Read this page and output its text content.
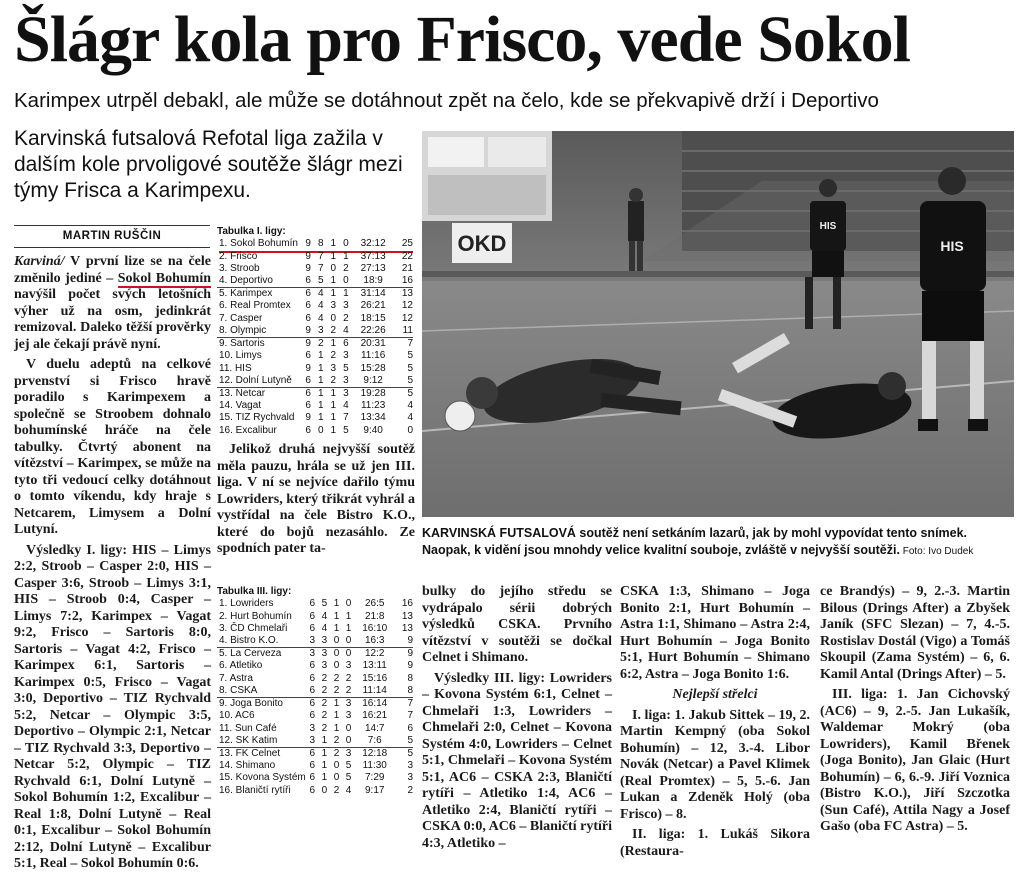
Šlágr kola pro Frisco, vede Sokol
Karimpex utrpěl debakl, ale může se dotáhnout zpět na čelo, kde se překvapivě drží i Deportivo
Karvinská futsalová Refotal liga zažila v dalším kole prvoligové soutěže šlágr mezi týmy Frisca a Karimpexu.
MARTIN RUŠČIN

Karviná/ V první lize se na čele změnilo jediné – Sokol Bohumín navýšil počet svých letošních výher už na osm, jedinkrát remizoval. Daleko těžší prověrky jej ale čekají právě nyní.

V duelu adeptů na celkové prvenství si Frisco hravě poradilo s Karimpexem a společně se Stroobem dohnalo bohumínské hráče na čele tabulky. Čtvrtý abonent na vítězství – Karimpex, se může na tyto tři vedoucí celky dotáhnout o tomto víkendu, kdy hraje s Netcarem, Limysem a Dolní Lutyní.

Výsledky I. ligy: HIS – Limys 2:2, Stroob – Casper 2:0, HIS – Casper 3:6, Stroob – Limys 3:1, HIS – Stroob 0:4, Casper – Limys 7:2, Karimpex – Vagat 9:2, Frisco – Sartoris 8:0, Sartoris – Vagat 4:2, Frisco – Karimpex 6:1, Sartoris – Karimpex 0:5, Frisco – Vagat 3:0, Deportivo – TIZ Rychvald 5:2, Netcar – Olympic 3:5, Deportivo – Olympic 2:1, Netcar – TIZ Rychvald 3:3, Deportivo – Netcar 5:2, Olympic – TIZ Rychvald 6:1, Dolní Lutyně – Sokol Bohumín 1:2, Excalibur – Real 1:8, Dolní Lutyně – Real 0:1, Excalibur – Sokol Bohumín 2:12, Dolní Lutyně – Excalibur 5:1, Real – Sokol Bohumín 0:6.

Tabulka I. ligy:
1. Sokol Bohumín	9	8	1	0	32:12	25
2. Frisco	9	7	1	1	37:13	22
3. Stroob	9	7	0	2	27:13	21
4. Deportivo	6	5	1	0	18:9	16
5. Karimpex	6	4	1	1	31:14	13
6. Real Promtex	6	4	3	3	26:21	12
7. Casper	6	4	0	2	18:15	12
8. Olympic	9	3	2	4	22:26	11
9. Sartoris	9	2	1	6	20:31	7
10. Limys	6	1	2	3	11:16	5
11. HIS	9	1	3	5	15:28	5
12. Dolní Lutyně	6	1	2	3	9:12	5
13. Netcar	6	1	1	3	19:28	5
14. Vagat	6	1	1	4	11:23	4
15. TIZ Rychvald	9	1	1	7	13:34	4
16. Excalibur	6	0	1	5	9:40	0

Jelikož druhá nejvyšší soutěž měla pauzu, hrála se už jen III. liga. V ní se nejvíce dařilo týmu Lowriders, který třikrát vyhrál a vystřídal na čele Bistro K.O., které do bojů nezasáhlo. Ze spodních pater ta-

Tabulka III. ligy:
1. Lowriders	6	5	1	0	26:5	16
2. Hurt Bohumín	6	4	1	1	21:8	13
3. ČD Chmelaři	6	4	1	1	16:10	13
4. Bistro K.O.	3	3	0	0	16:3	9
5. La Cerveza	3	3	0	0	12:2	9
6. Atletiko	6	3	0	3	13:11	9
7. Astra	6	2	2	2	15:16	8
8. CSKA	6	2	2	2	11:14	8
9. Joga Bonito	6	2	1	3	16:14	7
10. AC6	6	2	1	3	16:21	7
11. Sun Café	3	2	1	0	14:7	6
12. SK Katim	3	1	2	0	7:6	5
13. FK Celnet	6	1	2	3	12:18	5
14. Shimano	6	1	0	5	11:30	3
15. Kovona Systém	6	1	0	5	7:29	3
16. Blaničtí rytíři	6	0	2	4	9:17	2
OKD
HIS
HIS
KARVINSKÁ FUTSALOVÁ soutěž není setkáním lazarů, jak by mohl vypovídat tento snímek. Naopak, k vidění jsou mnohdy velice kvalitní souboje, zvláště v nejvyšší soutěži. Foto: Ivo Dudek

bulky do jejího středu se vydrápalo sérii dobrých výsledků CSKA. Prvního vítězství v soutěži se dočkal Celnet i Shimano.

Výsledky III. ligy: Lowriders – Kovona Systém 6:1, Celnet – Chmelaři 1:3, Lowriders – Chmelaři 2:0, Celnet – Kovona Systém 4:0, Lowriders – Celnet 5:1, Chmelaři – Kovona Systém 5:1, AC6 – CSKA 2:3, Blaničtí rytíři – Atletiko 1:4, AC6 – Atletiko 2:4, Blaničtí rytíři – CSKA 0:0, AC6 – Blaničtí rytíři 4:3, Atletiko –

CSKA 1:3, Shimano – Joga Bonito 2:1, Hurt Bohumín – Astra 1:1, Shimano – Astra 2:4, Hurt Bohumín – Joga Bonito 5:1, Hurt Bohumín – Shimano 6:2, Astra – Joga Bonito 1:6.

Nejlepší střelci

I. liga: 1. Jakub Sittek – 19, 2. Martin Kempný (oba Sokol Bohumín) – 12, 3.-4. Libor Novák (Netcar) a Pavel Klimek (Real Promtex) – 5, 5.-6. Jan Lukan a Zdeněk Holý (oba Frisco) – 8.

II. liga: 1. Lukáš Sikora (Restaura-

ce Brandýs) – 9, 2.-3. Martin Bilous (Drings After) a Zbyšek Janík (SFC Slezan) – 7, 4.-5. Rostislav Dostál (Vigo) a Tomáš Skoupil (Zama Systém) – 6, 6. Kamil Antal (Drings After) – 5.

III. liga: 1. Jan Cichovský (AC6) – 9, 2.-5. Jan Lukašík, Waldemar Mokrý (oba Lowriders), Kamil Břenek (Joga Bonito), Jan Glaic (Hurt Bohumín) – 6, 6.-9. Jiří Voznica (Bistro K.O.), Jiří Szczotka (Sun Café), Attila Nagy a Josef Gašo (oba FC Astra) – 5.
